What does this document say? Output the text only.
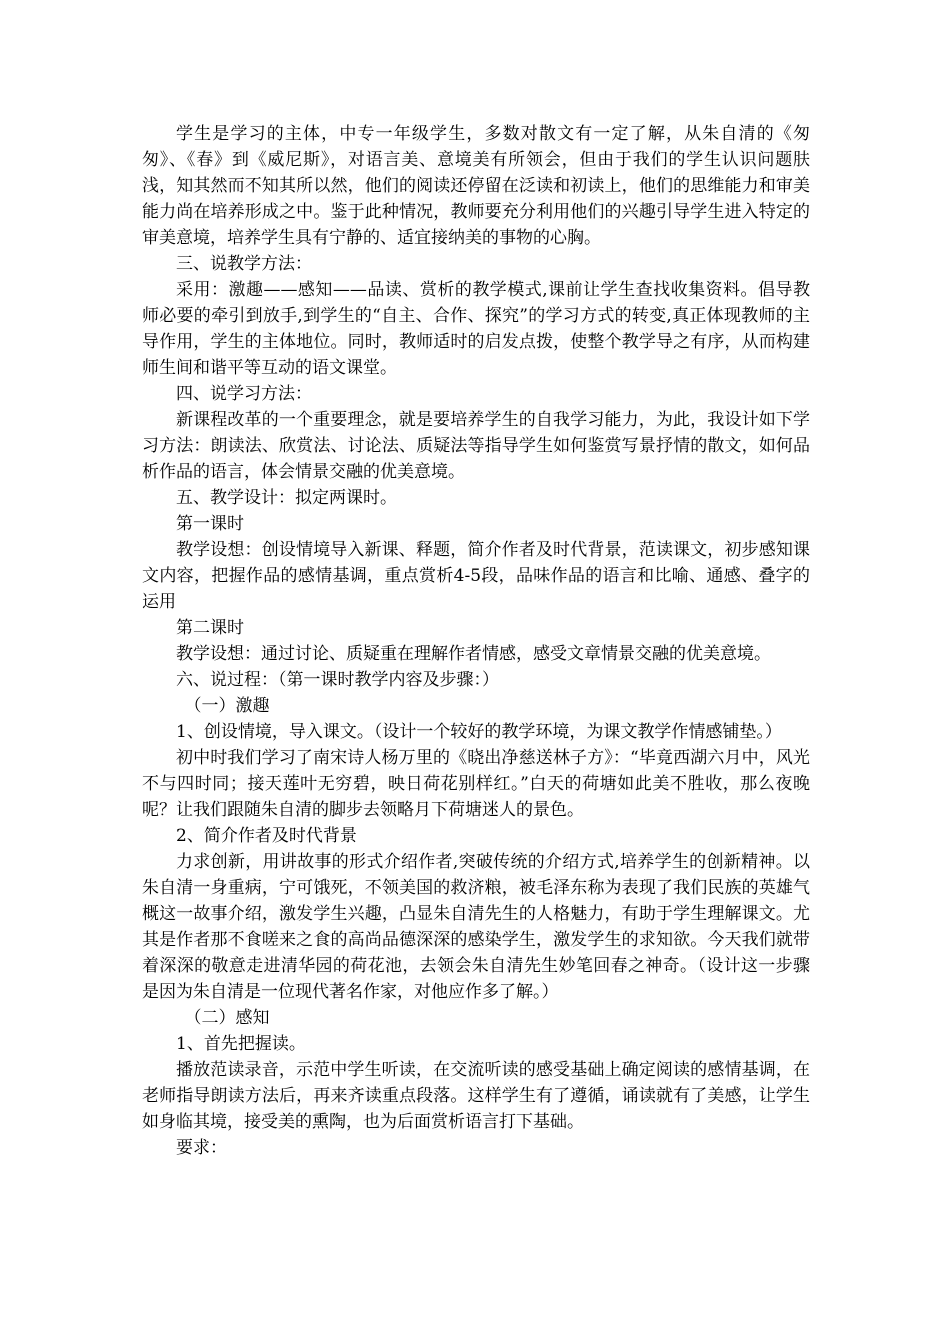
学生是学习的主体，中专一年级学生，多数对散文有一定了解，从朱自清的《匆匆》、《春》到《威尼斯》，对语言美、意境美有所领会，但由于我们的学生认识问题肤浅，知其然而不知其所以然，他们的阅读还停留在泛读和初读上，他们的思维能力和审美能力尚在培养形成之中。鉴于此种情况，教师要充分利用他们的兴趣引导学生进入特定的审美意境，培养学生具有宁静的、适宜接纳美的事物的心胸。

三、说教学方法：

采用：激趣——感知——品读、赏析的教学模式,课前让学生查找收集资料。倡导教师必要的牵引到放手,到学生的“自主、合作、探究”的学习方式的转变,真正体现教师的主导作用，学生的主体地位。同时，教师适时的启发点拨，使整个教学导之有序，从而构建师生间和谐平等互动的语文课堂。

四、说学习方法：

新课程改革的一个重要理念，就是要培养学生的自我学习能力，为此，我设计如下学习方法：朗读法、欣赏法、讨论法、质疑法等指导学生如何鉴赏写景抒情的散文，如何品析作品的语言，体会情景交融的优美意境。

五、教学设计：拟定两课时。

第一课时

教学设想：创设情境导入新课、释题，简介作者及时代背景，范读课文，初步感知课文内容，把握作品的感情基调，重点赏析4-5段，品味作品的语言和比喻、通感、叠字的运用

第二课时

教学设想：通过讨论、质疑重在理解作者情感，感受文章情景交融的优美意境。

六、说过程：（第一课时教学内容及步骤：）

（一）激趣

1、创设情境，导入课文。（设计一个较好的教学环境，为课文教学作情感铺垫。）

初中时我们学习了南宋诗人杨万里的《晓出净慈送林子方》：“毕竟西湖六月中，风光不与四时同；接天莲叶无穷碧，映日荷花别样红。”白天的荷塘如此美不胜收，那么夜晚呢？让我们跟随朱自清的脚步去领略月下荷塘迷人的景色。

2、简介作者及时代背景

力求创新，用讲故事的形式介绍作者,突破传统的介绍方式,培养学生的创新精神。以朱自清一身重病，宁可饿死，不领美国的救济粮，被毛泽东称为表现了我们民族的英雄气概这一故事介绍，激发学生兴趣，凸显朱自清先生的人格魅力，有助于学生理解课文。尤其是作者那不食嗟来之食的高尚品德深深的感染学生，激发学生的求知欲。今天我们就带着深深的敬意走进清华园的荷花池，去领会朱自清先生妙笔回春之神奇。（设计这一步骤是因为朱自清是一位现代著名作家，对他应作多了解。）

（二）感知

1、首先把握读。

播放范读录音，示范中学生听读，在交流听读的感受基础上确定阅读的感情基调，在老师指导朗读方法后，再来齐读重点段落。这样学生有了遵循，诵读就有了美感，让学生如身临其境，接受美的熏陶，也为后面赏析语言打下基础。

要求：
